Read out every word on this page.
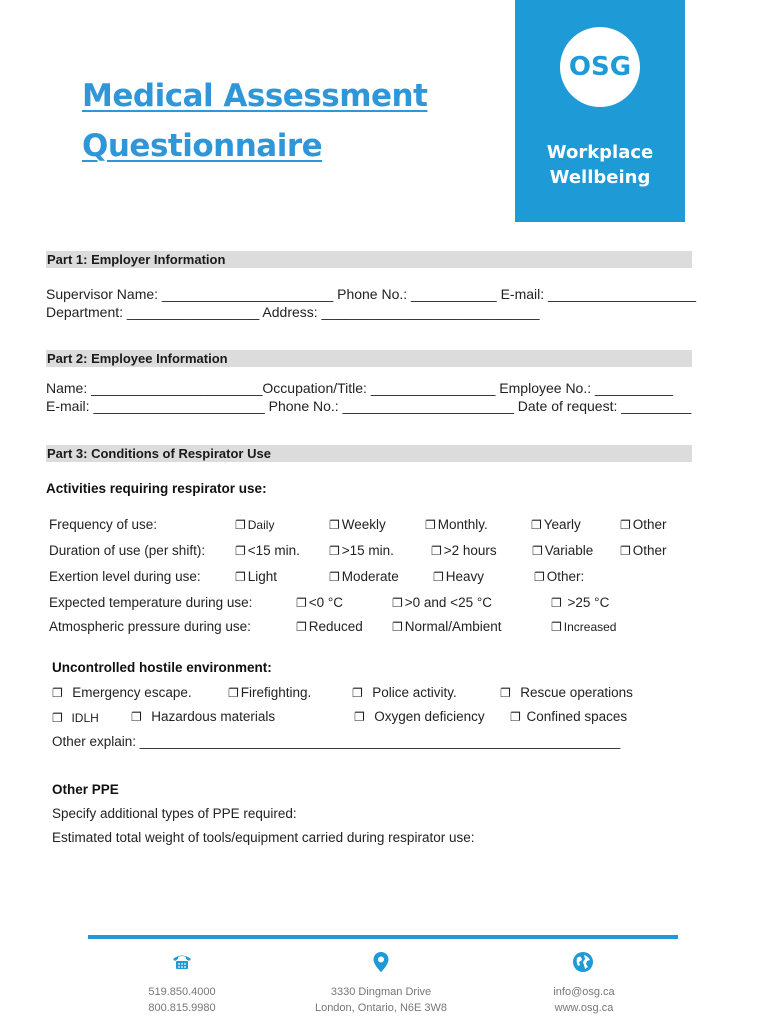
Medical Assessment
Questionnaire
OSG
Workplace
Wellbeing
Part 1: Employer Information
Supervisor Name: ______________________ Phone No.: ___________ E-mail: ___________________
Department: _________________ Address: ____________________________
Part 2: Employee Information
Name: ______________________Occupation/Title: ________________ Employee No.: __________
E-mail: ______________________ Phone No.: ______________________ Date of request: _________
Part 3: Conditions of Respirator Use
Activities requiring respirator use:
Frequency of use:	❐ Daily	❐ Weekly	❐ Monthly.	❐ Yearly	❐ Other
Duration of use (per shift): ❐ <15 min. ❐ >15 min.	❐ >2 hours	❐ Variable ❐ Other
Exertion level during use:	❐ Light	❐ Moderate	❐ Heavy	❐ Other:
Expected temperature during use:	❐ <0 °C	❐ >0 and <25 °C	❐ >25 °C
Atmospheric pressure during use:	❐ Reduced ❐ Normal/Ambient	❐ Increased
Uncontrolled hostile environment:
❐ Emergency escape.	❐ Firefighting.	❐ Police activity.	❐ Rescue operations
❐ IDLH	❐ Hazardous materials	❐ Oxygen deficiency ❐ Confined spaces
Other explain: ________________________________________________________________
Other PPE
Specify additional types of PPE required:
Estimated total weight of tools/equipment carried during respirator use:
519.850.4000
800.815.9980
3330 Dingman Drive
London, Ontario, N6E 3W8
info@osg.ca
www.osg.ca
